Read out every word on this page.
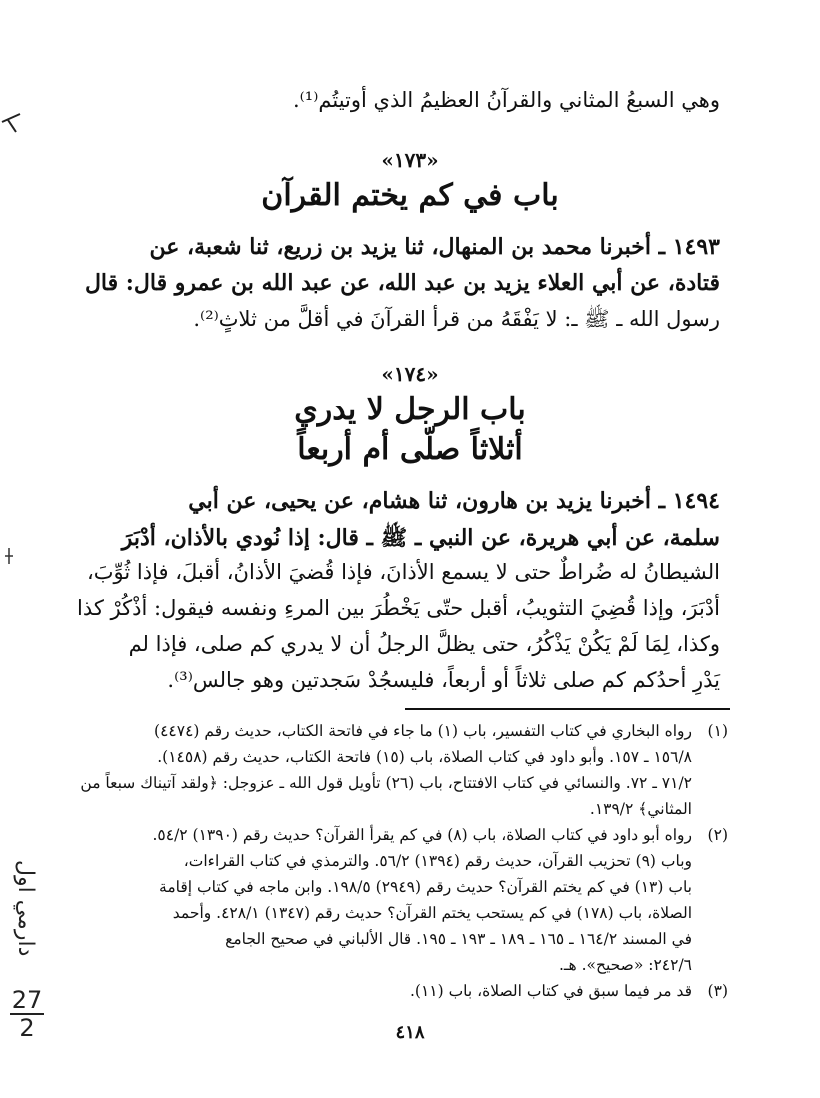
وهي السبعُ المثاني والقرآنُ العظيمُ الذي أوتيتُم⁽¹⁾.
«١٧٣»
باب في كم يختم القرآن
١٤٩٣ ـ أخبرنا محمد بن المنهال، ثنا يزيد بن زريع، ثنا شعبة، عن
قتادة، عن أبي العلاء يزيد بن عبد الله، عن عبد الله بن عمرو قال: قال
رسول الله ـ ﷺ ـ: لا يَفْقَهُ من قرأ القرآنَ في أقلَّ من ثلاثٍ⁽²⁾.
«١٧٤»
باب الرجل لا يدري
أثلاثاً صلّى أم أربعاً
١٤٩٤ ـ أخبرنا يزيد بن هارون، ثنا هشام، عن يحيى، عن أبي
سلمة، عن أبي هريرة، عن النبي ـ ﷺ ـ قال: إذا نُودي بالأذان، أدْبَرَ
الشيطانُ له ضُراطٌ حتى لا يسمع الأذانَ، فإذا قُضيَ الأذانُ، أقبلَ، فإذا ثُوِّبَ،
أدْبَرَ، وإذا قُضِيَ التثويبُ، أقبل حتّى يَخْطُرَ بين المرءِ ونفسه فيقول: أذْكُرْ كذا
وكذا، لِمَا لَمْ يَكُنْ يَذْكُرُ، حتى يظلَّ الرجلُ أن لا يدري كم صلى، فإذا لم
يَدْرِ أحدُكم كم صلى ثلاثاً أو أربعاً، فليسجُدْ سَجدتين وهو جالس⁽³⁾.
(١)
رواه البخاري في كتاب التفسير، باب (١) ما جاء في فاتحة الكتاب، حديث رقم (٤٤٧٤)
١٥٦/٨ ـ ١٥٧. وأبو داود في كتاب الصلاة، باب (١٥) فاتحة الكتاب، حديث رقم (١٤٥٨).
٧١/٢ ـ ٧٢. والنسائي في كتاب الافتتاح، باب (٢٦) تأويل قول الله ـ عزوجل: ﴿ولقد آتيناك سبعاً من
المثاني﴾ ١٣٩/٢.
(٢)
رواه أبو داود في كتاب الصلاة، باب (٨) في كم يقرأ القرآن؟ حديث رقم (١٣٩٠) ٥٤/٢.
وباب (٩) تحزيب القرآن، حديث رقم (١٣٩٤) ٥٦/٢. والترمذي في كتاب القراءات،
باب (١٣) في كم يختم القرآن؟ حديث رقم (٢٩٤٩) ١٩٨/٥. وابن ماجه في كتاب إقامة
الصلاة، باب (١٧٨) في كم يستحب يختم القرآن؟ حديث رقم (١٣٤٧) ٤٢٨/١. وأحمد
في المسند ١٦٤/٢ ـ ١٦٥ ـ ١٨٩ ـ ١٩٣ ـ ١٩٥. قال الألباني في صحيح الجامع
٢٤٢/٦: «صحيح». هـ.
(٣)
قد مر فيما سبق في كتاب الصلاة، باب (١١).
٤١٨
دارمي اول
27
2
